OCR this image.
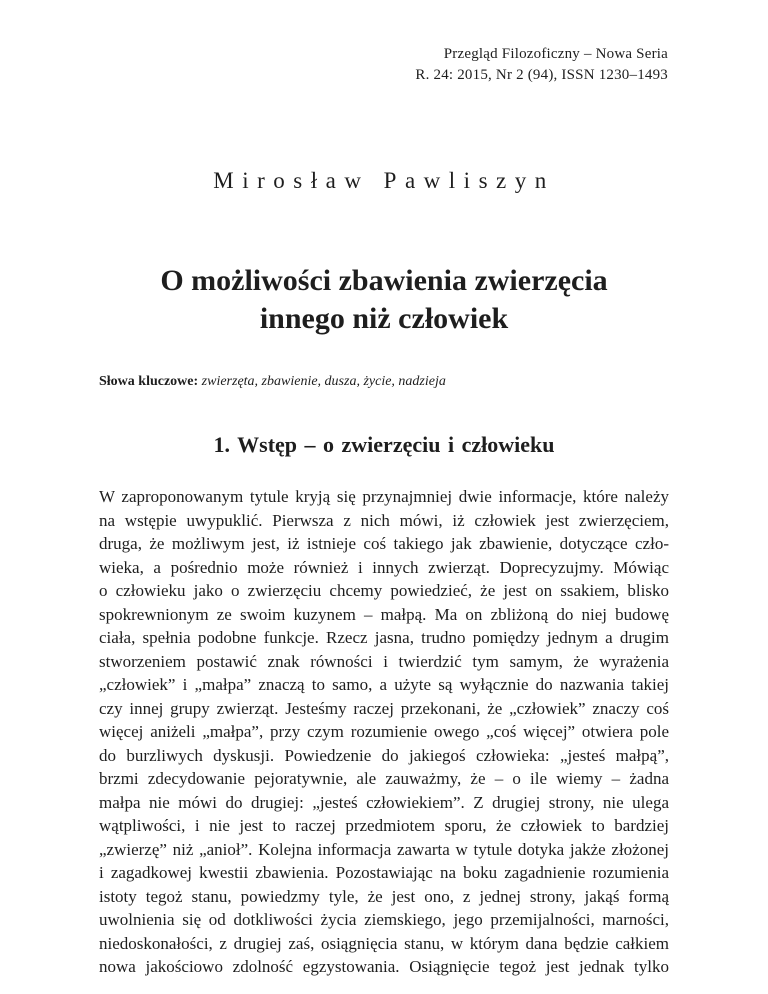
Przegląd Filozoficzny – Nowa Seria
R. 24: 2015, Nr 2 (94), ISSN 1230–1493
Mirosław Pawliszyn
O możliwości zbawienia zwierzęcia
innego niż człowiek
Słowa kluczowe: zwierzęta, zbawienie, dusza, życie, nadzieja
1. Wstęp – o zwierzęciu i człowieku
W zaproponowanym tytule kryją się przynajmniej dwie informacje, które należy
na wstępie uwypuklić. Pierwsza z nich mówi, iż człowiek jest zwierzęciem,
druga, że możliwym jest, iż istnieje coś takiego jak zbawienie, dotyczące czło-
wieka, a pośrednio może również i innych zwierząt. Doprecyzujmy. Mówiąc
o człowieku jako o zwierzęciu chcemy powiedzieć, że jest on ssakiem, blisko
spokrewnionym ze swoim kuzynem – małpą. Ma on zbliżoną do niej budowę
ciała, spełnia podobne funkcje. Rzecz jasna, trudno pomiędzy jednym a drugim
stworzeniem postawić znak równości i twierdzić tym samym, że wyrażenia
„człowiek” i „małpa” znaczą to samo, a użyte są wyłącznie do nazwania takiej
czy innej grupy zwierząt. Jesteśmy raczej przekonani, że „człowiek” znaczy coś
więcej aniżeli „małpa”, przy czym rozumienie owego „coś więcej” otwiera pole
do burzliwych dyskusji. Powiedzenie do jakiegoś człowieka: „jesteś małpą”,
brzmi zdecydowanie pejoratywnie, ale zauważmy, że – o ile wiemy – żadna
małpa nie mówi do drugiej: „jesteś człowiekiem”. Z drugiej strony, nie ulega
wątpliwości, i nie jest to raczej przedmiotem sporu, że człowiek to bardziej
„zwierzę” niż „anioł”. Kolejna informacja zawarta w tytule dotyka jakże złożonej
i zagadkowej kwestii zbawienia. Pozostawiając na boku zagadnienie rozumienia
istoty tegoż stanu, powiedzmy tyle, że jest ono, z jednej strony, jakąś formą
uwolnienia się od dotkliwości życia ziemskiego, jego przemijalności, marności,
niedoskonałości, z drugiej zaś, osiągnięcia stanu, w którym dana będzie całkiem
nowa jakościowo zdolność egzystowania. Osiągnięcie tegoż jest jednak tylko
